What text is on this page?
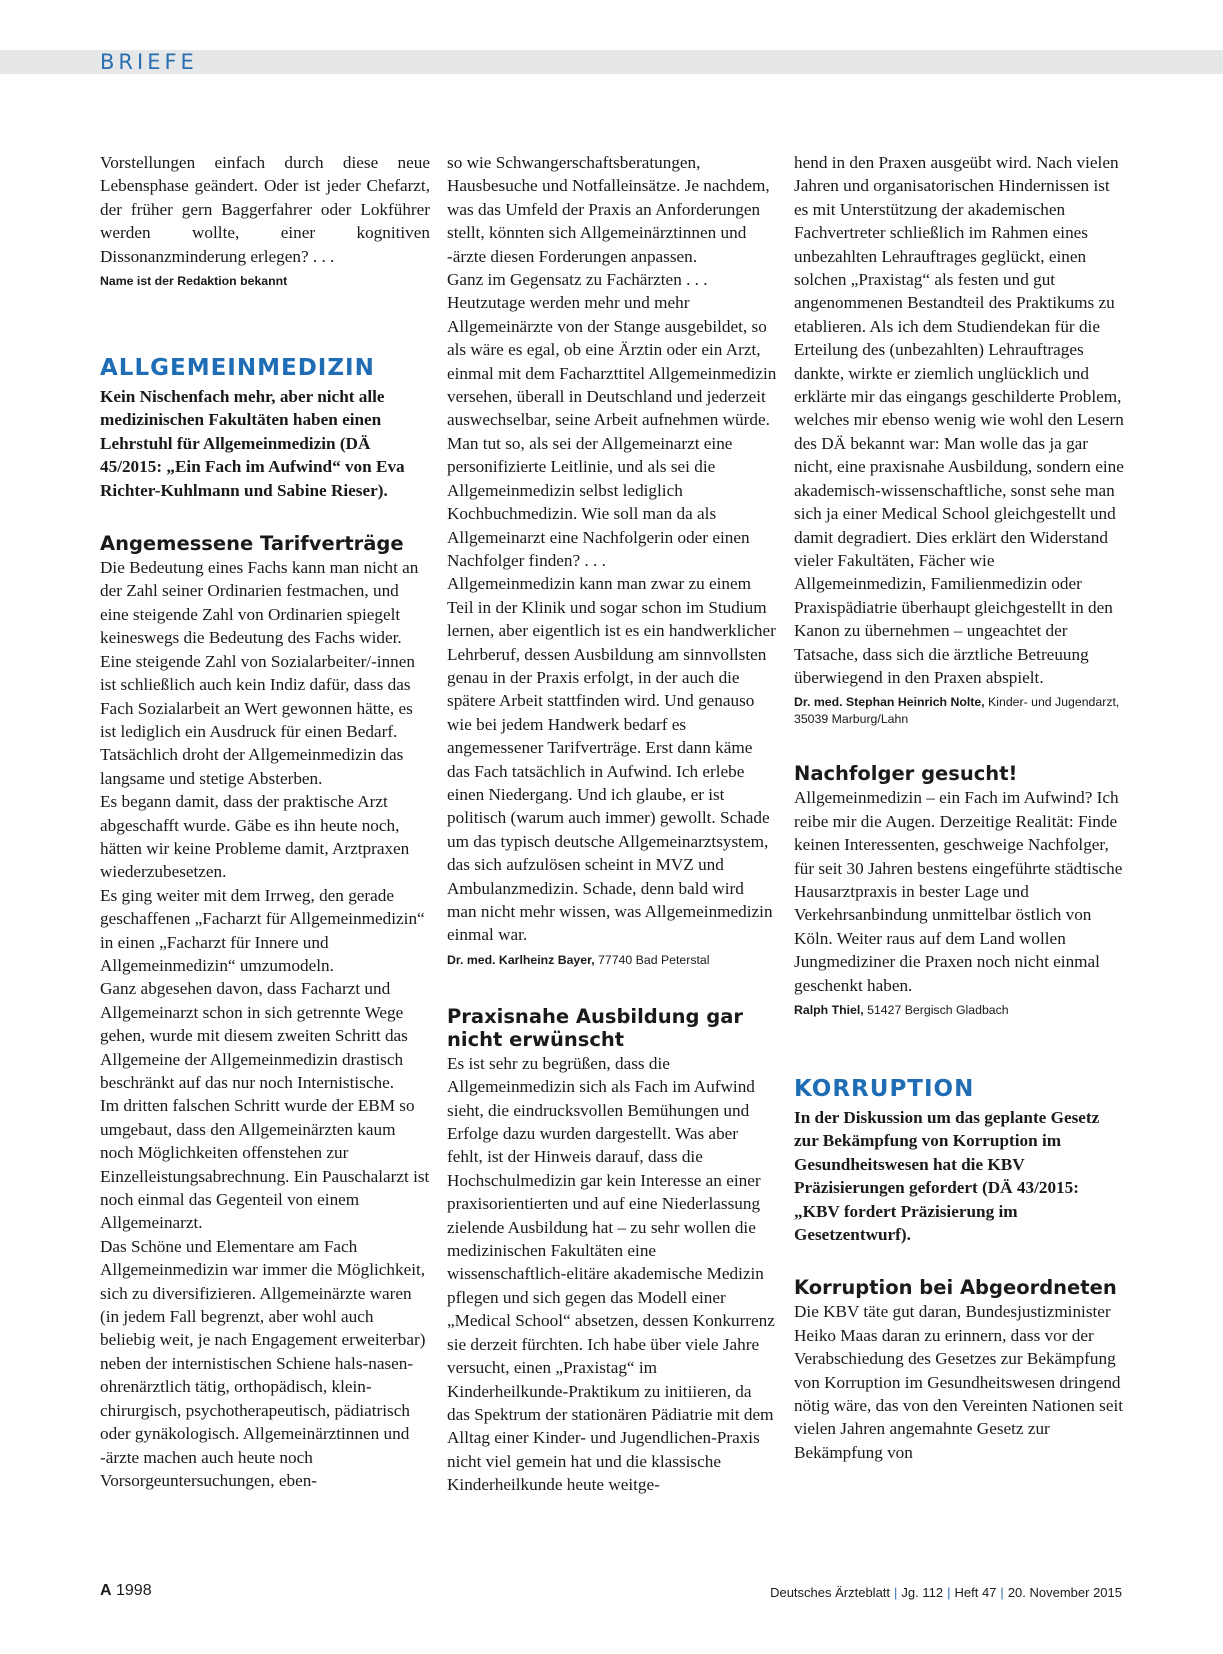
BRIEFE

Vorstellungen einfach durch diese neue Lebensphase geändert. Oder ist jeder Chefarzt, der früher gern Baggerfahrer oder Lokführer werden wollte, einer kognitiven Dissonanzminderung erlegen? . . .

Name ist der Redaktion bekannt
ALLGEMEINMEDIZIN

Kein Nischenfach mehr, aber nicht alle medizinischen Fakultäten haben einen Lehrstuhl für Allgemeinmedizin (DÄ 45/2015: „Ein Fach im Aufwind“ von Eva Richter-Kuhlmann und Sabine Rieser).

Angemessene Tarifverträge

Die Bedeutung eines Fachs kann man nicht an der Zahl seiner Ordinarien festmachen, und eine steigende Zahl von Ordinarien spiegelt keineswegs die Bedeutung des Fachs wider. Eine steigende Zahl von Sozialarbeiter/-innen ist schließlich auch kein Indiz dafür, dass das Fach Sozialarbeit an Wert gewonnen hätte, es ist lediglich ein Ausdruck für einen Bedarf. Tatsächlich droht der Allgemeinmedizin das langsame und stetige Absterben.

Es begann damit, dass der praktische Arzt abgeschafft wurde. Gäbe es ihn heute noch, hätten wir keine Probleme damit, Arztpraxen wiederzubesetzen.

Es ging weiter mit dem Irrweg, den gerade geschaffenen „Facharzt für Allgemeinmedizin“ in einen „Facharzt für Innere und Allgemeinmedizin“ umzumodeln.

Ganz abgesehen davon, dass Facharzt und Allgemeinarzt schon in sich getrennte Wege gehen, wurde mit diesem zweiten Schritt das Allgemeine der Allgemeinmedizin drastisch beschränkt auf das nur noch Internistische.

Im dritten falschen Schritt wurde der EBM so umgebaut, dass den Allgemeinärzten kaum noch Möglichkeiten offenstehen zur Einzelleistungsabrechnung. Ein Pauschalarzt ist noch einmal das Gegenteil von einem Allgemeinarzt.

Das Schöne und Elementare am Fach Allgemeinmedizin war immer die Möglichkeit, sich zu diversifizieren. Allgemeinärzte waren (in jedem Fall begrenzt, aber wohl auch beliebig weit, je nach Engagement erweiterbar) neben der internistischen Schiene hals-nasen-ohrenärztlich tätig, orthopädisch, klein-chirurgisch, psychotherapeutisch, pädiatrisch oder gynäkologisch. Allgemeinärztinnen und -ärzte machen auch heute noch Vorsorgeuntersuchungen, eben-

so wie Schwangerschaftsberatungen, Hausbesuche und Notfalleinsätze. Je nachdem, was das Umfeld der Praxis an Anforderungen stellt, könnten sich Allgemeinärztinnen und -ärzte diesen Forderungen anpassen.

Ganz im Gegensatz zu Fachärzten . . . Heutzutage werden mehr und mehr Allgemeinärzte von der Stange ausgebildet, so als wäre es egal, ob eine Ärztin oder ein Arzt, einmal mit dem Facharzttitel Allgemeinmedizin versehen, überall in Deutschland und jederzeit auswechselbar, seine Arbeit aufnehmen würde. Man tut so, als sei der Allgemeinarzt eine personifizierte Leitlinie, und als sei die Allgemeinmedizin selbst lediglich Kochbuchmedizin. Wie soll man da als Allgemeinarzt eine Nachfolgerin oder einen Nachfolger finden? . . .

Allgemeinmedizin kann man zwar zu einem Teil in der Klinik und sogar schon im Studium lernen, aber eigentlich ist es ein handwerklicher Lehrberuf, dessen Ausbildung am sinnvollsten genau in der Praxis erfolgt, in der auch die spätere Arbeit stattfinden wird. Und genauso wie bei jedem Handwerk bedarf es angemessener Tarifverträge. Erst dann käme das Fach tatsächlich in Aufwind. Ich erlebe einen Niedergang. Und ich glaube, er ist politisch (warum auch immer) gewollt. Schade um das typisch deutsche Allgemeinarztsystem, das sich aufzulösen scheint in MVZ und Ambulanzmedizin. Schade, denn bald wird man nicht mehr wissen, was Allgemeinmedizin einmal war.

Dr. med. Karlheinz Bayer, 77740 Bad Peterstal
Praxisnahe Ausbildung gar nicht erwünscht

Es ist sehr zu begrüßen, dass die Allgemeinmedizin sich als Fach im Aufwind sieht, die eindrucksvollen Bemühungen und Erfolge dazu wurden dargestellt. Was aber fehlt, ist der Hinweis darauf, dass die Hochschulmedizin gar kein Interesse an einer praxisorientierten und auf eine Niederlassung zielende Ausbildung hat – zu sehr wollen die medizinischen Fakultäten eine wissenschaftlich-elitäre akademische Medizin pflegen und sich gegen das Modell einer „Medical School“ absetzen, dessen Konkurrenz sie derzeit fürchten. Ich habe über viele Jahre versucht, einen „Praxistag“ im Kinderheilkunde-Praktikum zu initiieren, da das Spektrum der stationären Pädiatrie mit dem Alltag einer Kinder- und Jugendlichen-Praxis nicht viel gemein hat und die klassische Kinderheilkunde heute weitge-

hend in den Praxen ausgeübt wird. Nach vielen Jahren und organisatorischen Hindernissen ist es mit Unterstützung der akademischen Fachvertreter schließlich im Rahmen eines unbezahlten Lehrauftrages geglückt, einen solchen „Praxistag“ als festen und gut angenommenen Bestandteil des Praktikums zu etablieren. Als ich dem Studiendekan für die Erteilung des (unbezahlten) Lehrauftrages dankte, wirkte er ziemlich unglücklich und erklärte mir das eingangs geschilderte Problem, welches mir ebenso wenig wie wohl den Lesern des DÄ bekannt war: Man wolle das ja gar nicht, eine praxisnahe Ausbildung, sondern eine akademisch-wissenschaftliche, sonst sehe man sich ja einer Medical School gleichgestellt und damit degradiert. Dies erklärt den Widerstand vieler Fakultäten, Fächer wie Allgemeinmedizin, Familienmedizin oder Praxispädiatrie überhaupt gleichgestellt in den Kanon zu übernehmen – ungeachtet der Tatsache, dass sich die ärztliche Betreuung überwiegend in den Praxen abspielt.

Dr. med. Stephan Heinrich Nolte, Kinder- und Jugendarzt, 35039 Marburg/Lahn
Nachfolger gesucht!

Allgemeinmedizin – ein Fach im Aufwind? Ich reibe mir die Augen. Derzeitige Realität: Finde keinen Interessenten, geschweige Nachfolger, für seit 30 Jahren bestens eingeführte städtische Hausarztpraxis in bester Lage und Verkehrsanbindung unmittelbar östlich von Köln. Weiter raus auf dem Land wollen Jungmediziner die Praxen noch nicht einmal geschenkt haben.

Ralph Thiel, 51427 Bergisch Gladbach
KORRUPTION

In der Diskussion um das geplante Gesetz zur Bekämpfung von Korruption im Gesundheitswesen hat die KBV Präzisierungen gefordert (DÄ 43/2015: „KBV fordert Präzisierung im Gesetzentwurf).

Korruption bei Abgeordneten

Die KBV täte gut daran, Bundesjustizminister Heiko Maas daran zu erinnern, dass vor der Verabschiedung des Gesetzes zur Bekämpfung von Korruption im Gesundheitswesen dringend nötig wäre, das von den Vereinten Nationen seit vielen Jahren angemahnte Gesetz zur Bekämpfung von

A 1998	Deutsches Ärzteblatt | Jg. 112 | Heft 47 | 20. November 2015
